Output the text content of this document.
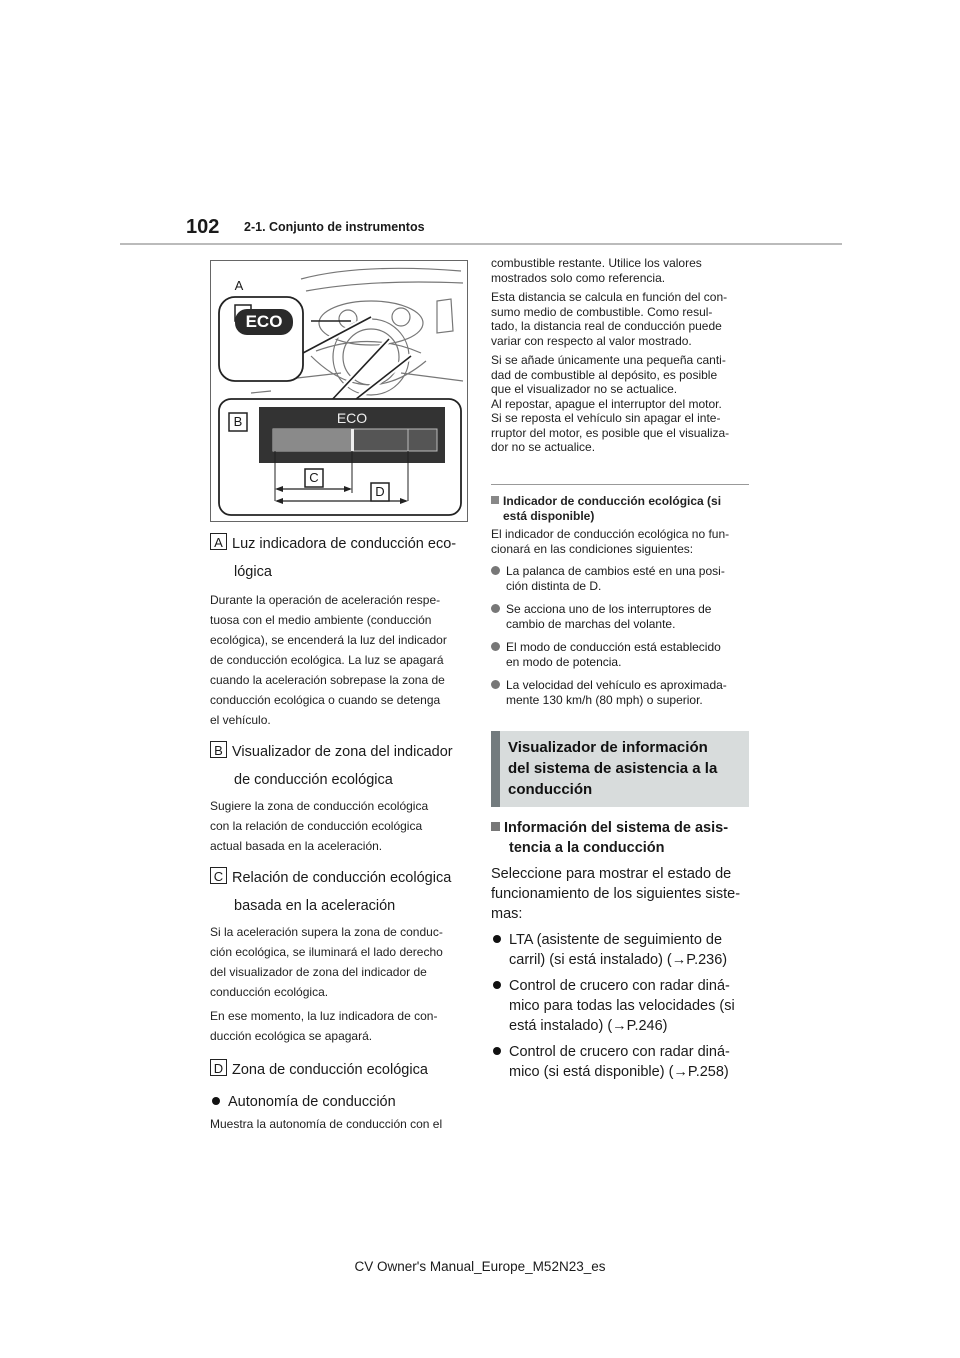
102 2-1. Conjunto de instrumentos
A
ECO
B	ECO
C
D
A Luz indicadora de conducción eco-
lógica
Durante la operación de aceleración respe-
tuosa con el medio ambiente (conducción
ecológica), se encenderá la luz del indicador
de conducción ecológica. La luz se apagará
cuando la aceleración sobrepase la zona de
conducción ecológica o cuando se detenga
el vehículo.
B Visualizador de zona del indicador
de conducción ecológica
Sugiere la zona de conducción ecológica
con la relación de conducción ecológica
actual basada en la aceleración.
C Relación de conducción ecológica
basada en la aceleración
Si la aceleración supera la zona de conduc-
ción ecológica, se iluminará el lado derecho
del visualizador de zona del indicador de
conducción ecológica.
En ese momento, la luz indicadora de con-
ducción ecológica se apagará.
D Zona de conducción ecológica
Autonomía de conducción
Muestra la autonomía de conducción con el
combustible restante. Utilice los valores
mostrados solo como referencia.
Esta distancia se calcula en función del con-
sumo medio de combustible. Como resul-
tado, la distancia real de conducción puede
variar con respecto al valor mostrado.
Si se añade únicamente una pequeña canti-
dad de combustible al depósito, es posible
que el visualizador no se actualice.
Al repostar, apague el interruptor del motor.
Si se reposta el vehículo sin apagar el inte-
rruptor del motor, es posible que el visualiza-
dor no se actualice.
Indicador de conducción ecológica (si
está disponible)
El indicador de conducción ecológica no fun-
cionará en las condiciones siguientes:
La palanca de cambios esté en una posi-
ción distinta de D.
Se acciona uno de los interruptores de
cambio de marchas del volante.
El modo de conducción está establecido
en modo de potencia.
La velocidad del vehículo es aproximada-
mente 130 km/h (80 mph) o superior.
Visualizador de información
del sistema de asistencia a la
conducción
Información del sistema de asis-
tencia a la conducción
Seleccione para mostrar el estado de
funcionamiento de los siguientes siste-
mas:
LTA (asistente de seguimiento de
carril) (si está instalado) (→P.236)
Control de crucero con radar diná-
mico para todas las velocidades (si
está instalado) (→P.246)
Control de crucero con radar diná-
mico (si está disponible) (→P.258)
CV Owner's Manual_Europe_M52N23_es
